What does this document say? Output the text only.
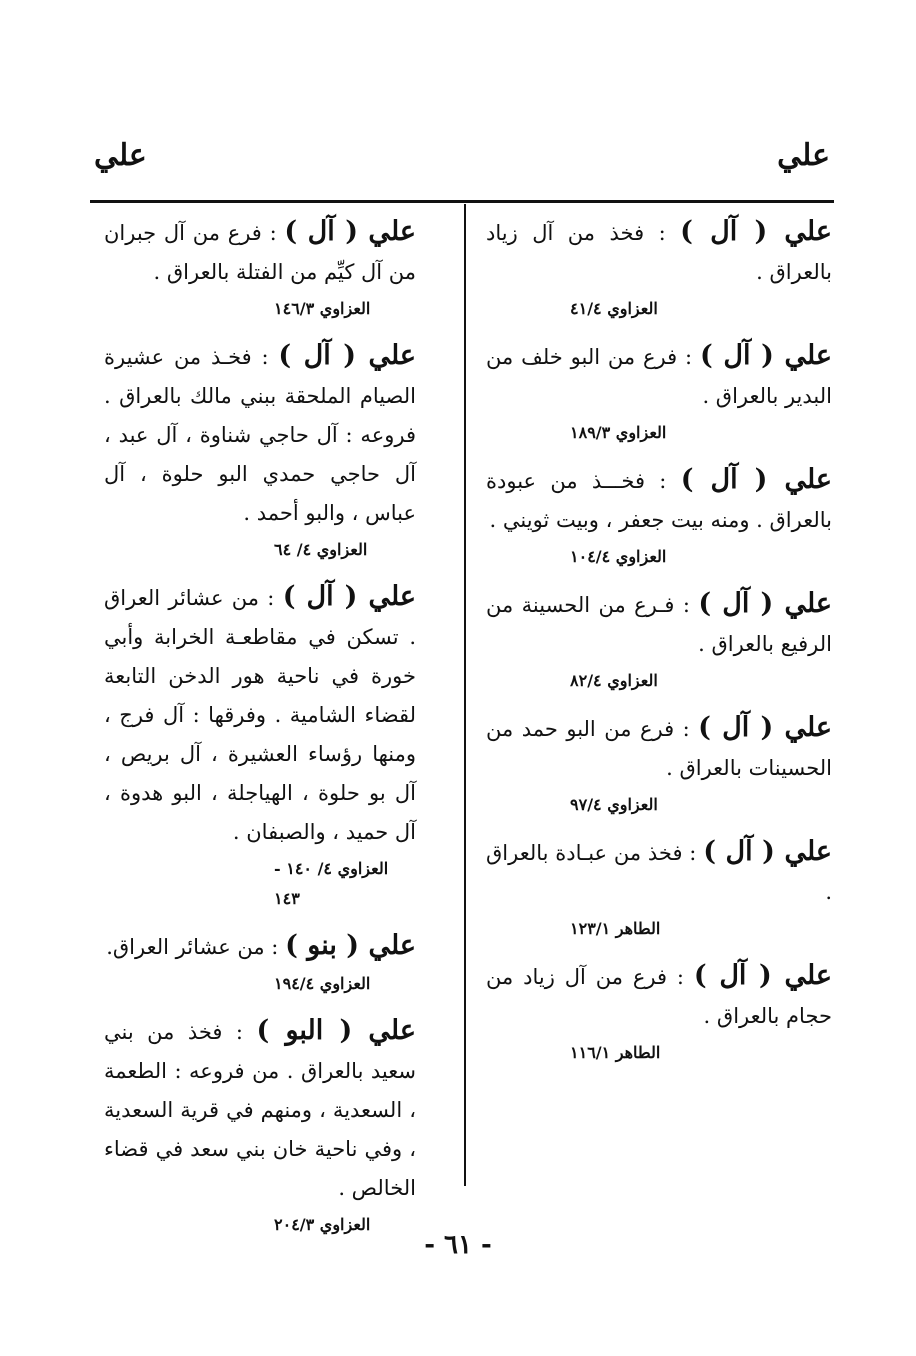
علي
علي

علي ( آل ) : فخذ من آل زياد بالعراق .

العزاوي ٤١/٤

علي ( آل ) : فرع من البو خلف من البدير بالعراق .

العزاوي ١٨٩/٣

علي ( آل ) : فخـــذ من عبودة بالعراق . ومنه بيت جعفر ، وبيت ثويني .

العزاوي ١٠٤/٤

علي ( آل ) : فـرع من الحسينة من الرفيع بالعراق .

العزاوي ٨٢/٤

علي ( آل ) : فرع من البو حمد من الحسينات بالعراق .

العزاوي ٩٧/٤

علي ( آل ) : فخذ من عبـادة بالعراق .

الطاهر ١٢٣/١

علي ( آل ) : فرع من آل زياد من حجام بالعراق .

الطاهر ١١٦/١

علي ( آل ) : فرع من آل جبران من آل كيِّم من الفتلة بالعراق .

العزاوي ١٤٦/٣

علي ( آل ) : فخـذ من عشيرة الصيام الملحقة ببني مالك بالعراق . فروعه : آل حاجي شناوة ، آل عبد ، آل حاجي حمدي البو حلوة ، آل عباس ، والبو أحمد .

العزاوي ٤/ ٦٤

علي ( آل ) : من عشائر العراق . تسكن في مقاطعـة الخرابة وأبي خورة في ناحية هور الدخن التابعة لقضاء الشامية . وفرقها : آل فرج ، ومنها رؤساء العشيرة ، آل بريص ، آل بو حلوة ، الهياجلة ، البو هدوة ، آل حميد ، والصبفان .

العزاوي ٤/ ١٤٠ - ١٤٣

علي ( بنو ) : من عشائر العراق.

العزاوي ١٩٤/٤

علي ( البو ) : فخذ من بني سعيد بالعراق . من فروعه : الطعمة ، السعدية ، ومنهم في قرية السعدية ، وفي ناحية خان بني سعد في قضاء الخالص .

العزاوي ٢٠٤/٣
- ٦١ -
